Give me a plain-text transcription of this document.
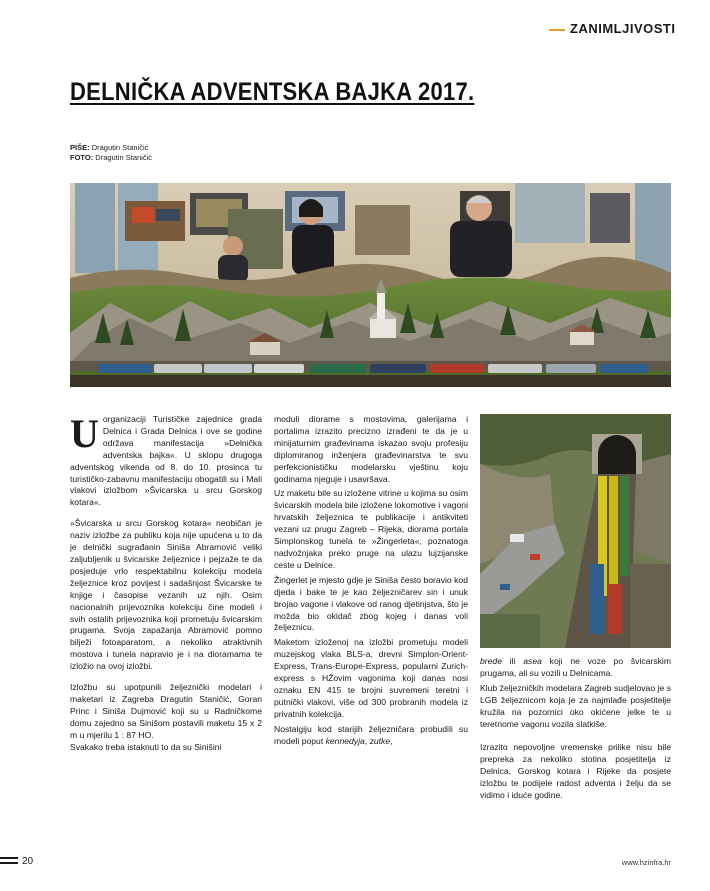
ZANIMLJIVOSTI
DELNIČKA ADVENTSKA BAJKA 2017.
PIŠE: Dragutin Staničić
FOTO: Dragutin Staničić

Uorganizaciji Turističke zajednice grada Delnica i Grada Delnica i ove se godine održava manifestacija »Delnička adventska bajka«. U sklopu drugoga adventskog vikenda od 8. do 10. prosinca tu turističko-zabavnu manifestaciju obogatili su i Mali vlakovi izložbom »Švicarska u srcu Gorskog kotara«.

»Švicarska u srcu Gorskog kotara« neobičan je naziv izložbe za publiku koja nije upućena u to da je delnički sugrađanin Siniša Abramović veliki zaljubljenik u švicarske željeznice i pejzaže te da posjeduje vrlo respektabilnu kolekciju modela željeznice kroz povijest i sadašnjost Švicarske te knjige i časopise vezanih uz njih. Osim nacionalnih prijevoznika kolekciju čine modeli i svih ostalih prijevoznika koji prometuju švicarskim prugama. Svoja zapažanja Abramović pomno bilježi fotoaparatom, a nekoliko atraktivnih mostova i tunela napravio je i na dioramama te izložio na ovoj izložbi.

Izložbu su upotpunili željeznički modelari i maketari iz Zagreba Dragutin Staničić, Goran Princ i Siniša Dujmović koji su u Radničkome domu zajedno sa Sinišom postavili maketu 15 x 2 m u mjerilu 1 : 87 HO.

Svakako treba istaknuti to da su Sinišini

moduli diorame s mostovima, galerijama i portalima izrazito precizno izrađeni te da je u minijaturnim građevinama iskazao svoju profesiju diplomiranog inženjera građevinarstva te svu perfekcionističku modelarsku vještinu koju godinama njeguje i usavršava.

Uz maketu bile su izložene vitrine u kojima su osim švicarskih modela bile izložene lokomotive i vagoni hrvatskih željeznica te publikacije i antikviteti vezani uz prugu Zagreb – Rijeka, diorama portala Simplonskog tunela te »Žingerleta«, poznatoga nadvožnjaka preko pruge na ulazu lujzijanske ceste u Delnice.

Žingerlet je mjesto gdje je Siniša često boravio kod djeda i bake te je kao željezničarev sin i unuk brojao vagone i vlakove od ranog djetinjstva, što je možda bio okidač zbog kojeg i danas voli željeznicu.

Maketom izloženoj na izložbi prometuju modeli muzejskog vlaka BLS-a, drevni Simplon-Orient-Express, Trans-Europe-Express, popularni Zurich-express s HŽovim vagonima koji danas nosi oznaku EN 415 te brojni suvremeni teretni i putnički vlakovi, više od 300 probranih modela iz privatnih kolekcija.

Nostalgiju kod starijih željezničara probudili su modeli poput kennedyja, zutke,

brede ili asea koji ne voze po švicarskim prugama, ali su vozili u Delnicama.

Klub željezničkih modelara Zagreb sudjelovao je s LGB željeznicom koja je za najmlađe posjetitelje kružila na pozornici oko okićene jelke te u teretnome vagonu vozila slatkiše.

Izrazito nepovoljne vremenske prilike nisu bile prepreka za nekoliko stotina posjetitelja iz Delnica, Gorskog kotara i Rijeke da posjete izložbu te podijele radost adventa i želju da se vidimo i iduće godine.

20	www.hzinfra.hr
